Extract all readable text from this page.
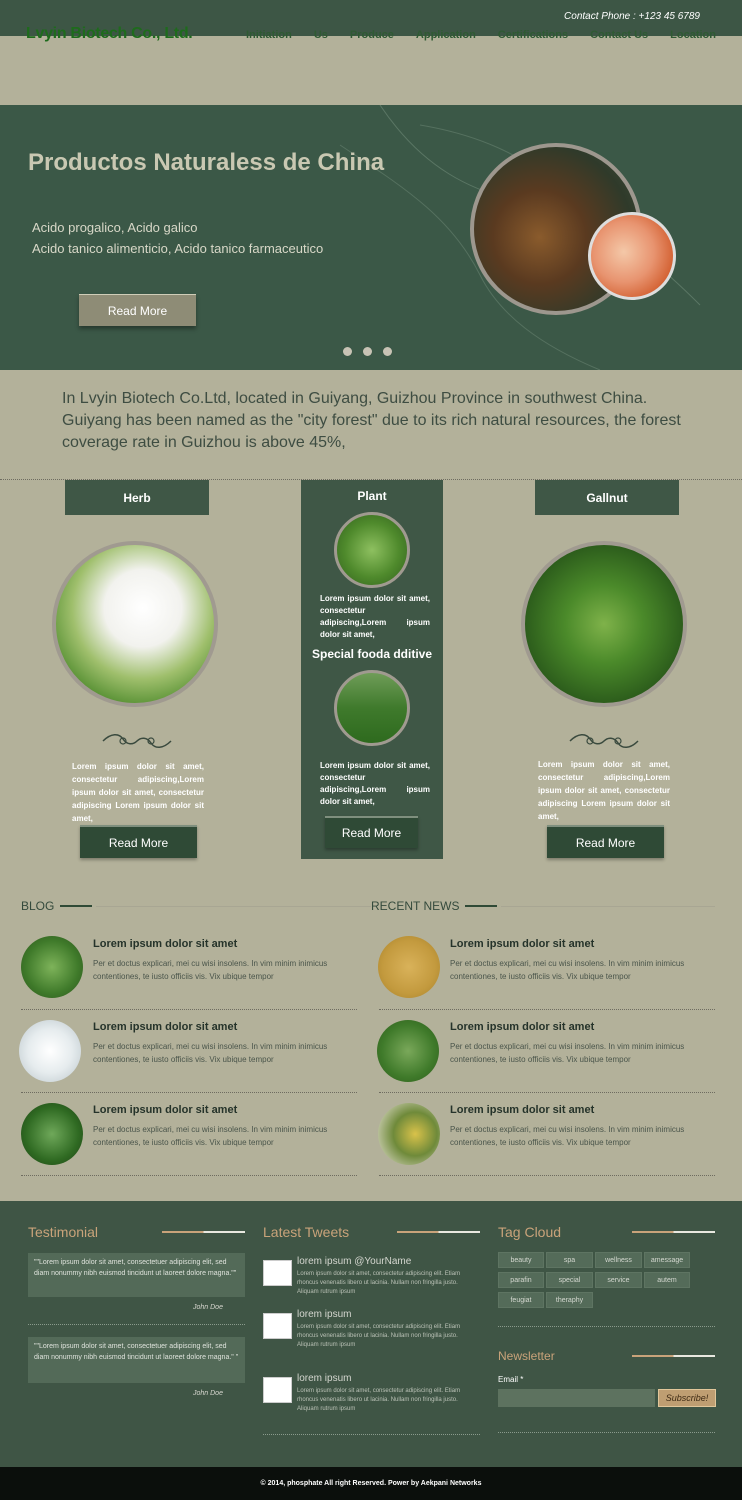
Contact Phone : +123 45 6789
Lvyin Biotech Co., Ltd.	Initiation Us Produce Application Certifications Contact Us Location
Productos Naturaless de China
Acido progalico, Acido galico
Acido tanico alimenticio, Acido tanico farmaceutico
Read More

In Lvyin Biotech Co.Ltd, located in Guiyang, Guizhou Province in southwest China. Guiyang has been named as the "city forest" due to its rich natural resources, the forest coverage rate in Guizhou is above 45%,

Herb	Gallnut
Plant
Lorem ipsum dolor sit amet, consectetur adipiscing,Lorem ipsum dolor sit amet,
Special fooda dditive
Lorem ipsum dolor sit amet, consectetur adipiscing,Lorem ipsum dolor sit amet,
Lorem ipsum dolor sit amet, consectetur adipiscing,Lorem ipsum dolor sit amet, consectetur adipiscing Lorem ipsum dolor sit amet,
Lorem ipsum dolor sit amet, consectetur adipiscing,Lorem ipsum dolor sit amet, consectetur adipiscing Lorem ipsum dolor sit amet,
Read More
Read More
Read More
BLOG	RECENT NEWS
Lorem ipsum dolor sit amet
Per et doctus explicari, mei cu wisi insolens. In vim minim inimicus contentiones, te iusto officiis vis. Vix ubique tempor
Lorem ipsum dolor sit amet
Per et doctus explicari, mei cu wisi insolens. In vim minim inimicus contentiones, te iusto officiis vis. Vix ubique tempor
Lorem ipsum dolor sit amet
Per et doctus explicari, mei cu wisi insolens. In vim minim inimicus contentiones, te iusto officiis vis. Vix ubique tempor
Lorem ipsum dolor sit amet
Per et doctus explicari, mei cu wisi insolens. In vim minim inimicus contentiones, te iusto officiis vis. Vix ubique tempor
Lorem ipsum dolor sit amet
Per et doctus explicari, mei cu wisi insolens. In vim minim inimicus contentiones, te iusto officiis vis. Vix ubique tempor
Lorem ipsum dolor sit amet
Per et doctus explicari, mei cu wisi insolens. In vim minim inimicus contentiones, te iusto officiis vis. Vix ubique tempor
Testimonial
""Lorem ipsum dolor sit amet, consectetuer adipiscing elit, sed diam nonummy nibh euismod tincidunt ut laoreet dolore magna.""
John Doe
""Lorem ipsum dolor sit amet, consectetuer adipiscing elit, sed diam nonummy nibh euismod tincidunt ut laoreet dolore magna." "
John Doe
Latest Tweets
lorem ipsum @YourName
Lorem ipsum dolor sit amet, consectetur adipiscing elit. Etiam rhoncus venenatis libero ut lacinia. Nullam non fringilla justo. Aliquam rutrum ipsum
lorem ipsum
Lorem ipsum dolor sit amet, consectetur adipiscing elit. Etiam rhoncus venenatis libero ut lacinia. Nullam non fringilla justo. Aliquam rutrum ipsum
lorem ipsum
Lorem ipsum dolor sit amet, consectetur adipiscing elit. Etiam rhoncus venenatis libero ut lacinia. Nullam non fringilla justo. Aliquam rutrum ipsum
Tag Cloud
beauty	spa	wellness	amessage
parafin	special	service	autem
feugiat	theraphy
Newsletter
Email *
Subscribe!
© 2014, phosphate All right Reserved. Power by Aekpani Networks
